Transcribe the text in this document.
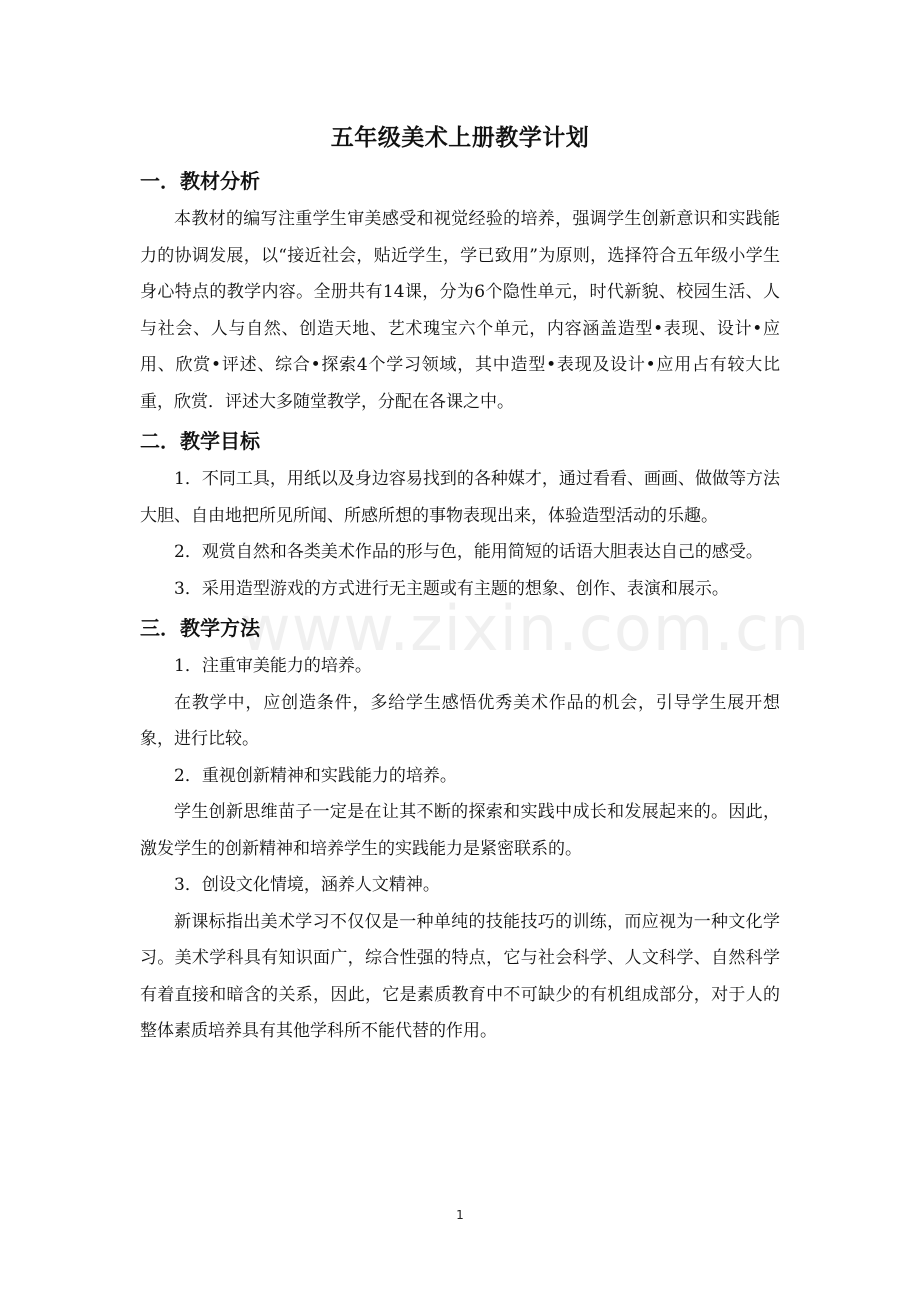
www.zixin.com.cn
五年级美术上册教学计划
一．教材分析

本教材的编写注重学生审美感受和视觉经验的培养，强调学生创新意识和实践能力的协调发展，以“接近社会，贴近学生，学已致用”为原则，选择符合五年级小学生身心特点的教学内容。全册共有14课，分为6个隐性单元，时代新貌、校园生活、人与社会、人与自然、创造天地、艺术瑰宝六个单元，内容涵盖造型•表现、设计•应用、欣赏•评述、综合•探索4个学习领域，其中造型•表现及设计•应用占有较大比重，欣赏．评述大多随堂教学，分配在各课之中。

二．教学目标

1．不同工具，用纸以及身边容易找到的各种媒才，通过看看、画画、做做等方法大胆、自由地把所见所闻、所感所想的事物表现出来，体验造型活动的乐趣。

2．观赏自然和各类美术作品的形与色，能用简短的话语大胆表达自己的感受。

3．采用造型游戏的方式进行无主题或有主题的想象、创作、表演和展示。

三．教学方法

1．注重审美能力的培养。

在教学中，应创造条件，多给学生感悟优秀美术作品的机会，引导学生展开想象，进行比较。

2．重视创新精神和实践能力的培养。

学生创新思维苗子一定是在让其不断的探索和实践中成长和发展起来的。因此，激发学生的创新精神和培养学生的实践能力是紧密联系的。

3．创设文化情境，涵养人文精神。

新课标指出美术学习不仅仅是一种单纯的技能技巧的训练，而应视为一种文化学习。美术学科具有知识面广，综合性强的特点，它与社会科学、人文科学、自然科学有着直接和暗含的关系，因此，它是素质教育中不可缺少的有机组成部分，对于人的整体素质培养具有其他学科所不能代替的作用。

1
